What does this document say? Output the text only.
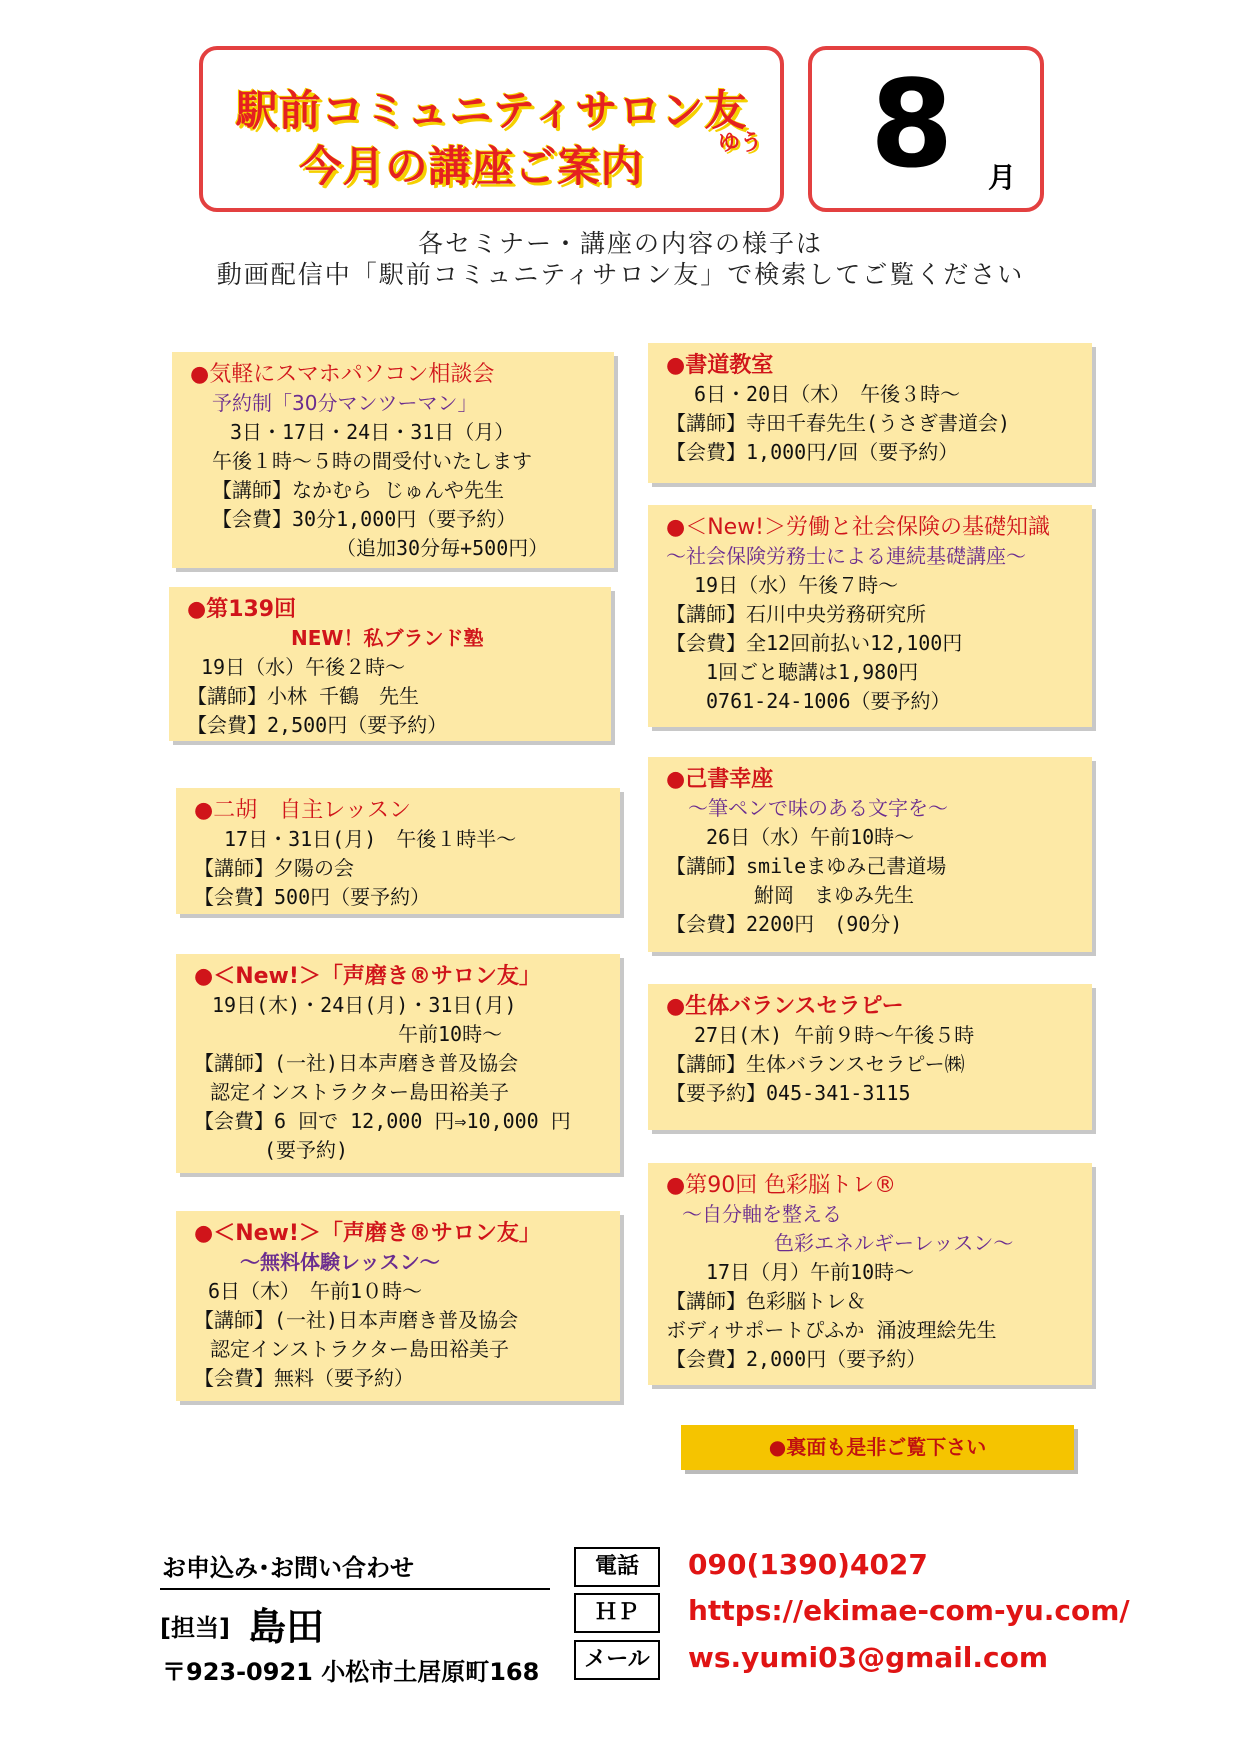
駅前コミュニティサロン友
今月の講座ご案内	ゆう 8 月
各セミナー・講座の内容の様子は
動画配信中「駅前コミュニティサロン友」で検索してご覧ください
●気軽にスマホパソコン相談会
予約制「30分マンツーマン」
3日・17日・24日・31日（月）
午後１時～５時の間受付いたします
【講師】なかむら じゅんや先生
【会費】30分1,000円（要予約）
（追加30分毎+500円）
●第139回
NEW！私ブランド塾
19日（水）午後２時～
【講師】小林 千鶴　先生
【会費】2,500円（要予約）
●二胡　自主レッスン
17日・31日(月)　午後１時半～
【講師】夕陽の会
【会費】500円（要予約）
●＜New!＞「声磨き®サロン友」
19日(木)・24日(月)・31日(月)
午前10時～
【講師】(一社)日本声磨き普及協会
認定インストラクター島田裕美子
【会費】6 回で 12,000 円⇒10,000 円
(要予約)
●＜New!＞「声磨き®サロン友」
～無料体験レッスン～
6日（木）　午前1０時～
【講師】(一社)日本声磨き普及協会
認定インストラクター島田裕美子
【会費】無料（要予約）
●書道教室
6日・20日（木）　午後３時～
【講師】寺田千春先生(うさぎ書道会)
【会費】1,000円/回（要予約）
●＜New!＞労働と社会保険の基礎知識
～社会保険労務士による連続基礎講座～
19日（水）午後７時～
【講師】石川中央労務研究所
【会費】全12回前払い12,100円
1回ごと聴講は1,980円
0761-24-1006（要予約）
●己書幸座
～筆ペンで味のある文字を～
26日（水）午前10時～
【講師】smileまゆみ己書道場
鮒岡　まゆみ先生
【会費】2200円　(90分)
●生体バランスセラピー
27日(木) 午前９時～午後５時
【講師】生体バランスセラピー㈱
【要予約】045-341-3115
●第90回 色彩脳トレ®
～自分軸を整える
色彩エネルギーレッスン～
17日（月）午前10時～
【講師】色彩脳トレ＆
ボディサポートぴふか 涌波理絵先生
【会費】2,000円（要予約）
●裏面も是非ご覧下さい
お申込み･お問い合わせ
[担当] 島田
〒923-0921 小松市土居原町168
電話	090(1390)4027
ＨＰ	https://ekimae-com-yu.com/
メール	ws.yumi03@gmail.com
